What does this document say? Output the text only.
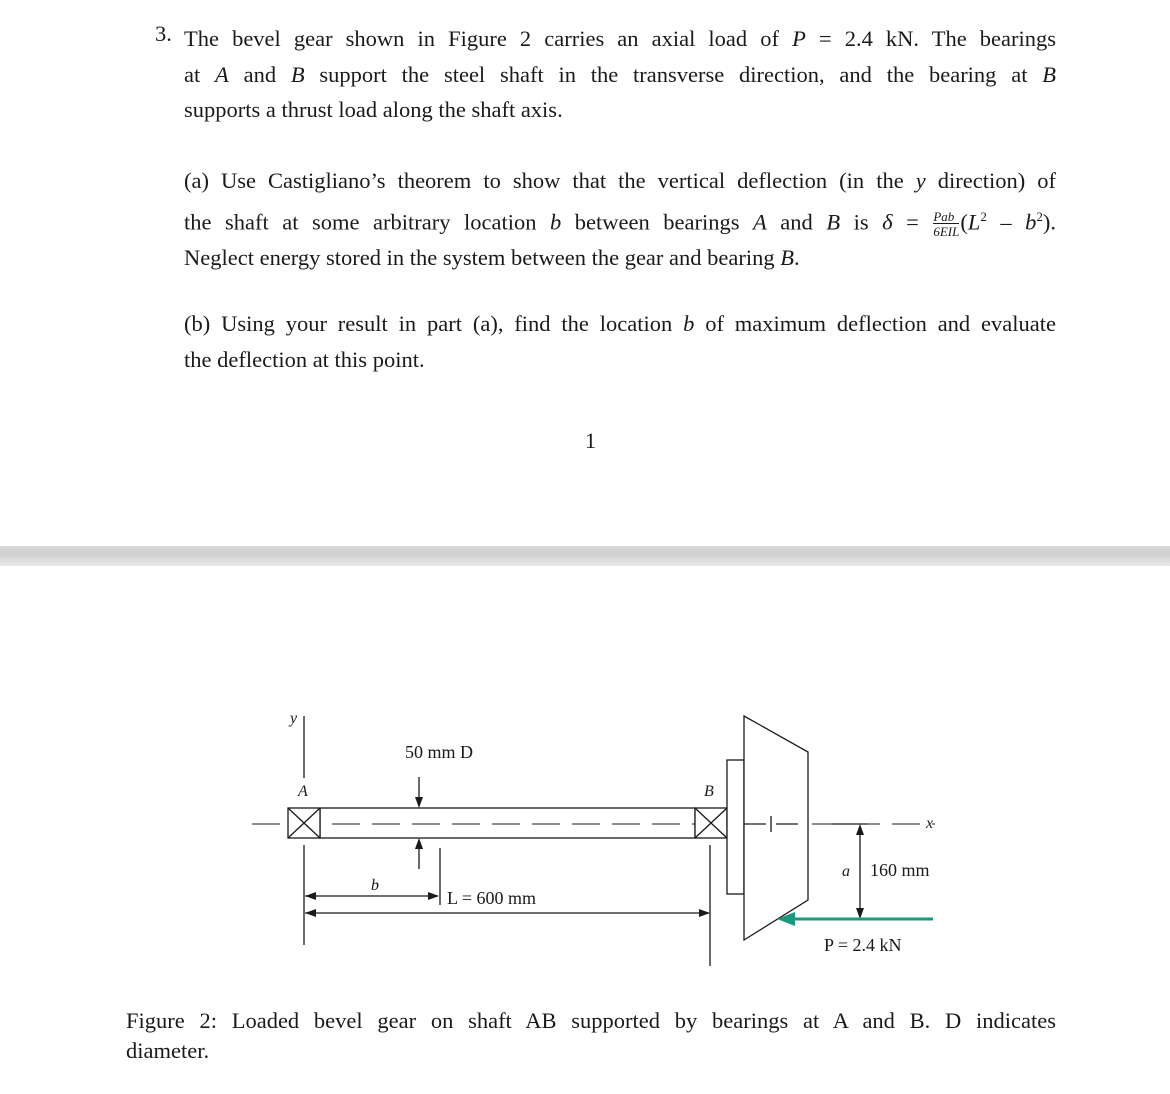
3. The bevel gear shown in Figure 2 carries an axial load of P = 2.4 kN. The bearings
at A and B support the steel shaft in the transverse direction, and the bearing at B
supports a thrust load along the shaft axis.
(a) Use Castigliano’s theorem to show that the vertical deflection (in the y direction) of
the shaft at some arbitrary location b between bearings A and B is $\delta = \frac{\text{Pab}}{\text{6EIL}} (L^2 - b^2)$.
Neglect energy stored in the system between the gear and bearing B.
(b) Using your result in part (a), find the location b of maximum deflection and evaluate
the deflection at this point.
1
y
A	B
50 mm D
b
L = 600 mm
x
a 160 mm
P = 2.4 kN
Figure 2: Loaded bevel gear on shaft AB supported by bearings at A and B. D indicates
diameter.
